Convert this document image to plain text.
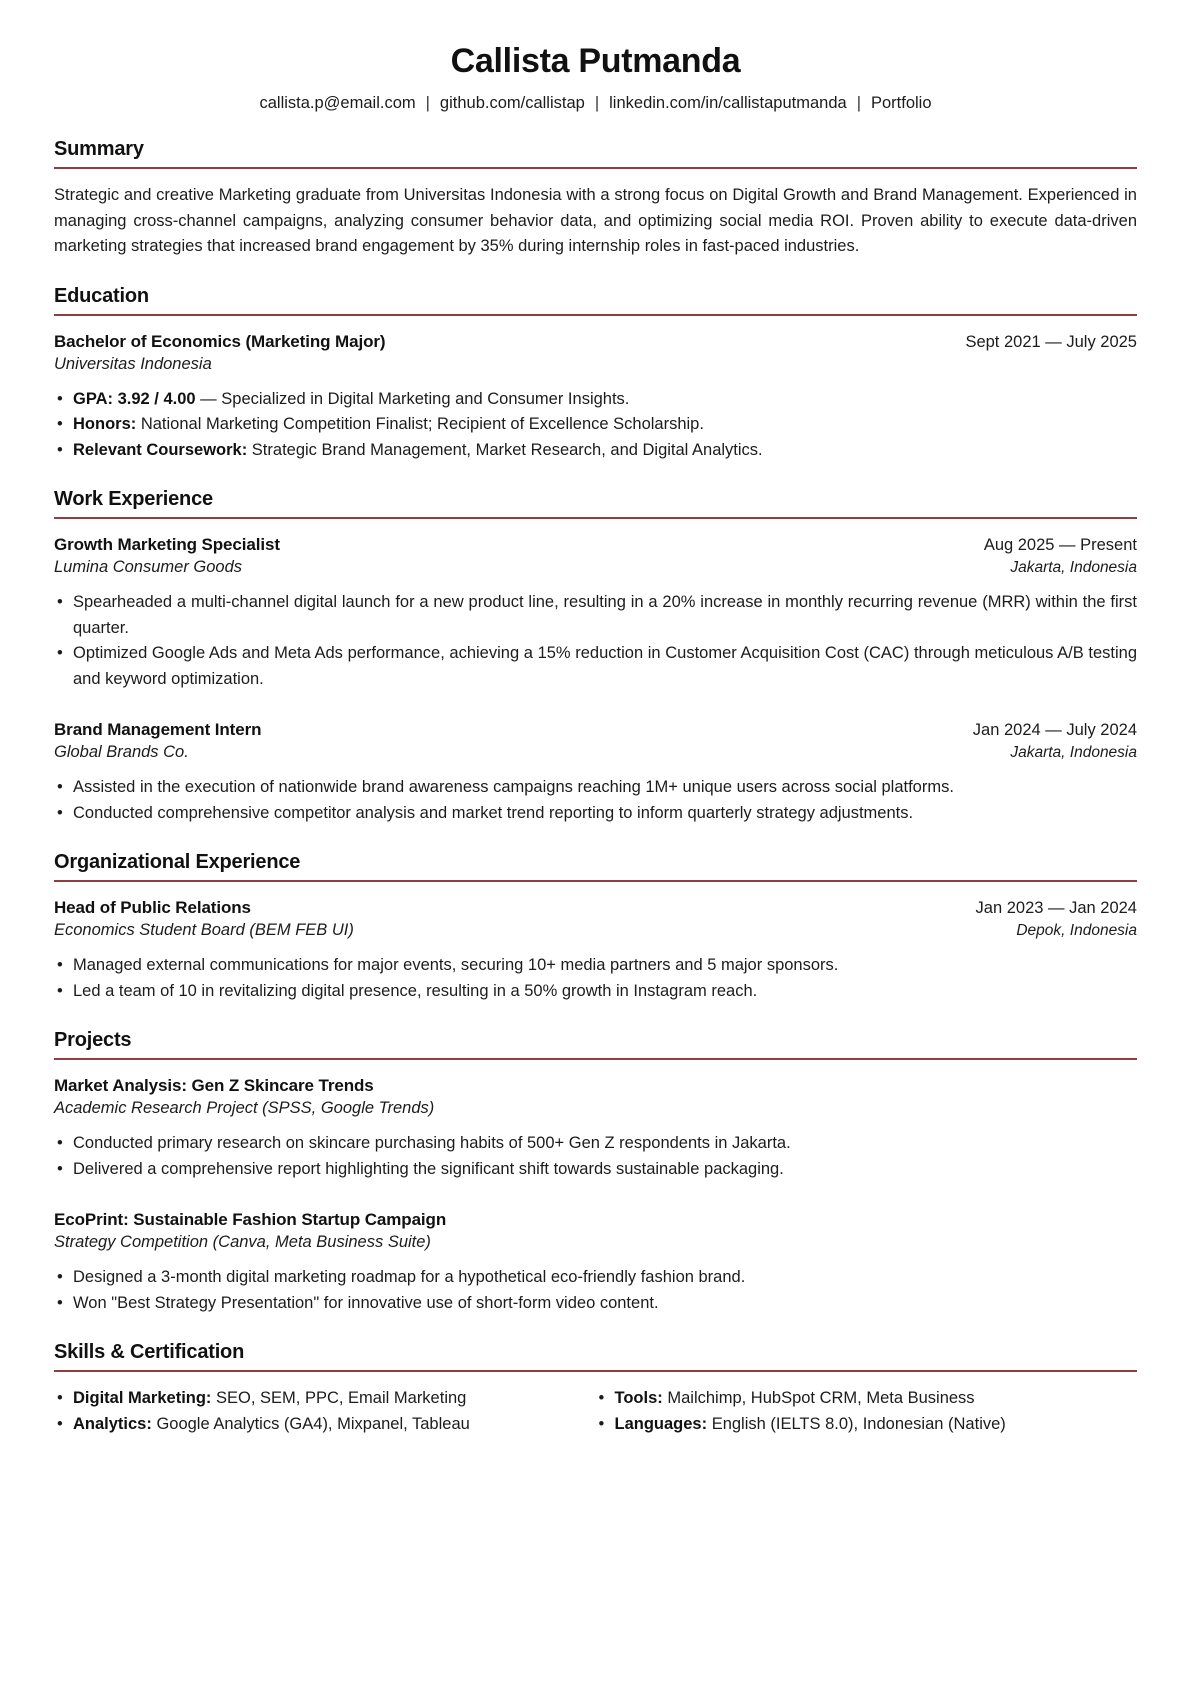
Callista Putmanda
callista.p@email.com | github.com/callistap | linkedin.com/in/callistaputmanda | Portfolio
Summary

Strategic and creative Marketing graduate from Universitas Indonesia with a strong focus on Digital Growth and Brand Management. Experienced in managing cross-channel campaigns, analyzing consumer behavior data, and optimizing social media ROI. Proven ability to execute data-driven marketing strategies that increased brand engagement by 35% during internship roles in fast-paced industries.

Education
Bachelor of Economics (Marketing Major)	Sept 2021 — July 2025
Universitas Indonesia
• GPA: 3.92 / 4.00 — Specialized in Digital Marketing and Consumer Insights.
• Honors: National Marketing Competition Finalist; Recipient of Excellence Scholarship.
• Relevant Coursework: Strategic Brand Management, Market Research, and Digital Analytics.
Work Experience
Growth Marketing Specialist	Aug 2025 — Present
Lumina Consumer Goods	Jakarta, Indonesia
• Spearheaded a multi-channel digital launch for a new product line, resulting in a 20% increase in monthly recurring revenue (MRR) within the first quarter.
• Optimized Google Ads and Meta Ads performance, achieving a 15% reduction in Customer Acquisition Cost (CAC) through meticulous A/B testing and keyword optimization.
Brand Management Intern	Jan 2024 — July 2024
Global Brands Co.	Jakarta, Indonesia
• Assisted in the execution of nationwide brand awareness campaigns reaching 1M+ unique users across social platforms.
• Conducted comprehensive competitor analysis and market trend reporting to inform quarterly strategy adjustments.
Organizational Experience
Head of Public Relations	Jan 2023 — Jan 2024
Economics Student Board (BEM FEB UI)	Depok, Indonesia
• Managed external communications for major events, securing 10+ media partners and 5 major sponsors.
• Led a team of 10 in revitalizing digital presence, resulting in a 50% growth in Instagram reach.
Projects
Market Analysis: Gen Z Skincare Trends
Academic Research Project (SPSS, Google Trends)
• Conducted primary research on skincare purchasing habits of 500+ Gen Z respondents in Jakarta.
• Delivered a comprehensive report highlighting the significant shift towards sustainable packaging.
EcoPrint: Sustainable Fashion Startup Campaign
Strategy Competition (Canva, Meta Business Suite)
• Designed a 3-month digital marketing roadmap for a hypothetical eco-friendly fashion brand.
• Won "Best Strategy Presentation" for innovative use of short-form video content.
Skills & Certification
• Digital Marketing: SEO, SEM, PPC, Email Marketing
• Analytics: Google Analytics (GA4), Mixpanel, Tableau
• Tools: Mailchimp, HubSpot CRM, Meta Business
• Languages: English (IELTS 8.0), Indonesian (Native)
